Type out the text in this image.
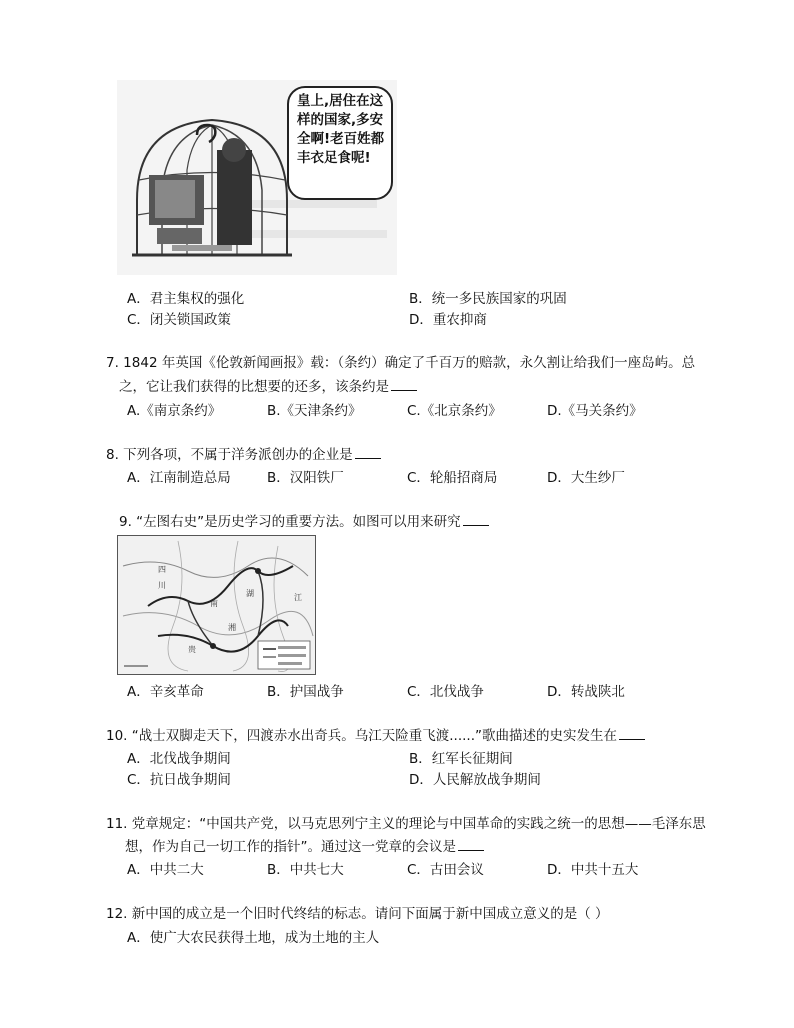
皇上,居住在这样的国家,多安全啊!老百姓都丰衣足食呢!
A．君主集权的强化	B．统一多民族国家的巩固
C．闭关锁国政策	D．重农抑商
7. 1842 年英国《伦敦新闻画报》载：（条约）确定了千百万的赔款，永久割让给我们一座岛屿。总
之，它让我们获得的比想要的还多，该条约是
A.《南京条约》	B.《天津条约》	C.《北京条约》	D.《马关条约》
8. 下列各项，不属于洋务派创办的企业是
A．江南制造总局	B．汉阳铁厂	C．轮船招商局	D．大生纱厂
9. “左图右史”是历史学习的重要方法。如图可以用来研究
四
川
南
湖	江
湘
贵
A．辛亥革命	B．护国战争	C．北伐战争	D．转战陕北
10. “战士双脚走天下，四渡赤水出奇兵。乌江天险重飞渡......”歌曲描述的史实发生在
A．北伐战争期间	B．红军长征期间
C．抗日战争期间	D．人民解放战争期间
11. 党章规定：“中国共产党，以马克思列宁主义的理论与中国革命的实践之统一的思想——毛泽东思
想，作为自己一切工作的指针”。通过这一党章的会议是
A．中共二大	B．中共七大	C．古田会议	D．中共十五大
12. 新中国的成立是一个旧时代终结的标志。请问下面属于新中国成立意义的是（ ）
A．使广大农民获得土地，成为土地的主人
